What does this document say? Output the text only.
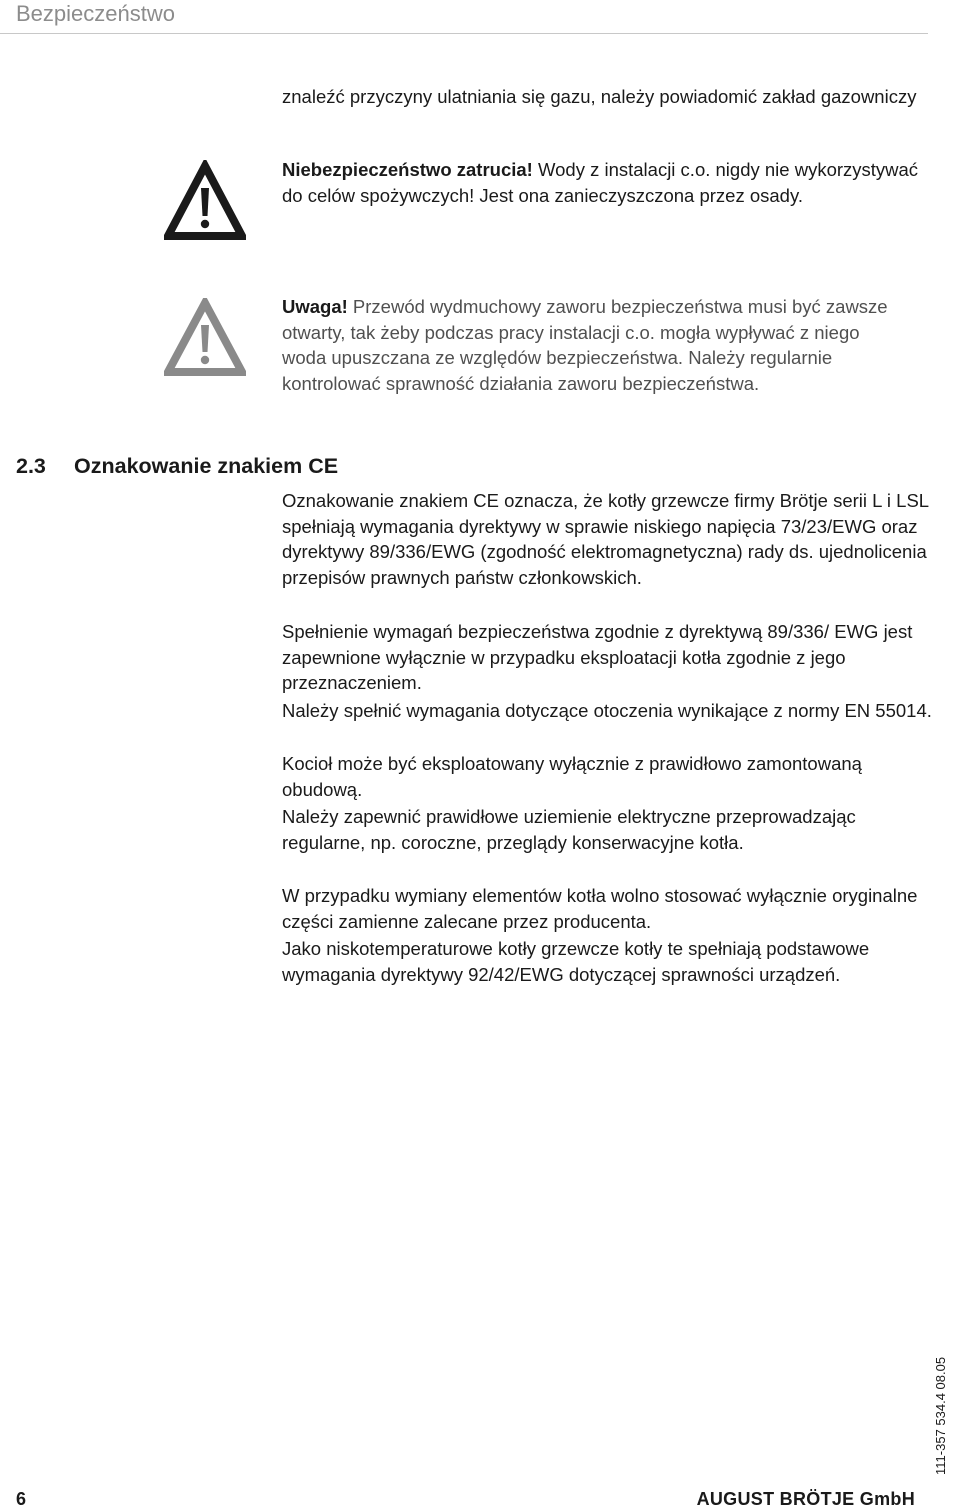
Bezpieczeństwo

znaleźć przyczyny ulatniania się gazu, należy powiadomić zakład gazowniczy

Niebezpieczeństwo zatrucia! Wody z instalacji c.o. nigdy nie wykorzystywać do celów spożywczych! Jest ona zanieczyszczona przez osady.

Uwaga! Przewód wydmuchowy zaworu bezpieczeństwa musi być zawsze otwarty, tak żeby podczas pracy instalacji c.o. mogła wypływać z niego woda upuszczana ze względów bezpieczeństwa. Należy regularnie kontrolować sprawność działania zaworu bezpieczeństwa.

2.3 Oznakowanie znakiem CE

Oznakowanie znakiem CE oznacza, że kotły grzewcze firmy Brötje serii L i LSL spełniają wymagania dyrektywy w sprawie niskiego napięcia 73/23/EWG oraz dyrektywy 89/336/EWG (zgodność elektromagnetyczna) rady ds. ujednolicenia przepisów prawnych państw członkowskich.

Spełnienie wymagań bezpieczeństwa zgodnie z dyrektywą 89/336/ EWG jest zapewnione wyłącznie w przypadku eksploatacji kotła zgodnie z jego przeznaczeniem.

Należy spełnić wymagania dotyczące otoczenia wynikające z normy EN 55014.

Kocioł może być eksploatowany wyłącznie z prawidłowo zamontowaną obudową.

Należy zapewnić prawidłowe uziemienie elektryczne przeprowadzając regularne, np. coroczne, przeglądy konserwacyjne kotła.

W przypadku wymiany elementów kotła wolno stosować wyłącznie oryginalne części zamienne zalecane przez producenta.

Jako niskotemperaturowe kotły grzewcze kotły te spełniają podstawowe wymagania dyrektywy 92/42/EWG dotyczącej sprawności urządzeń.

111-357 534.4 08.05
6	AUGUST BRÖTJE GmbH
